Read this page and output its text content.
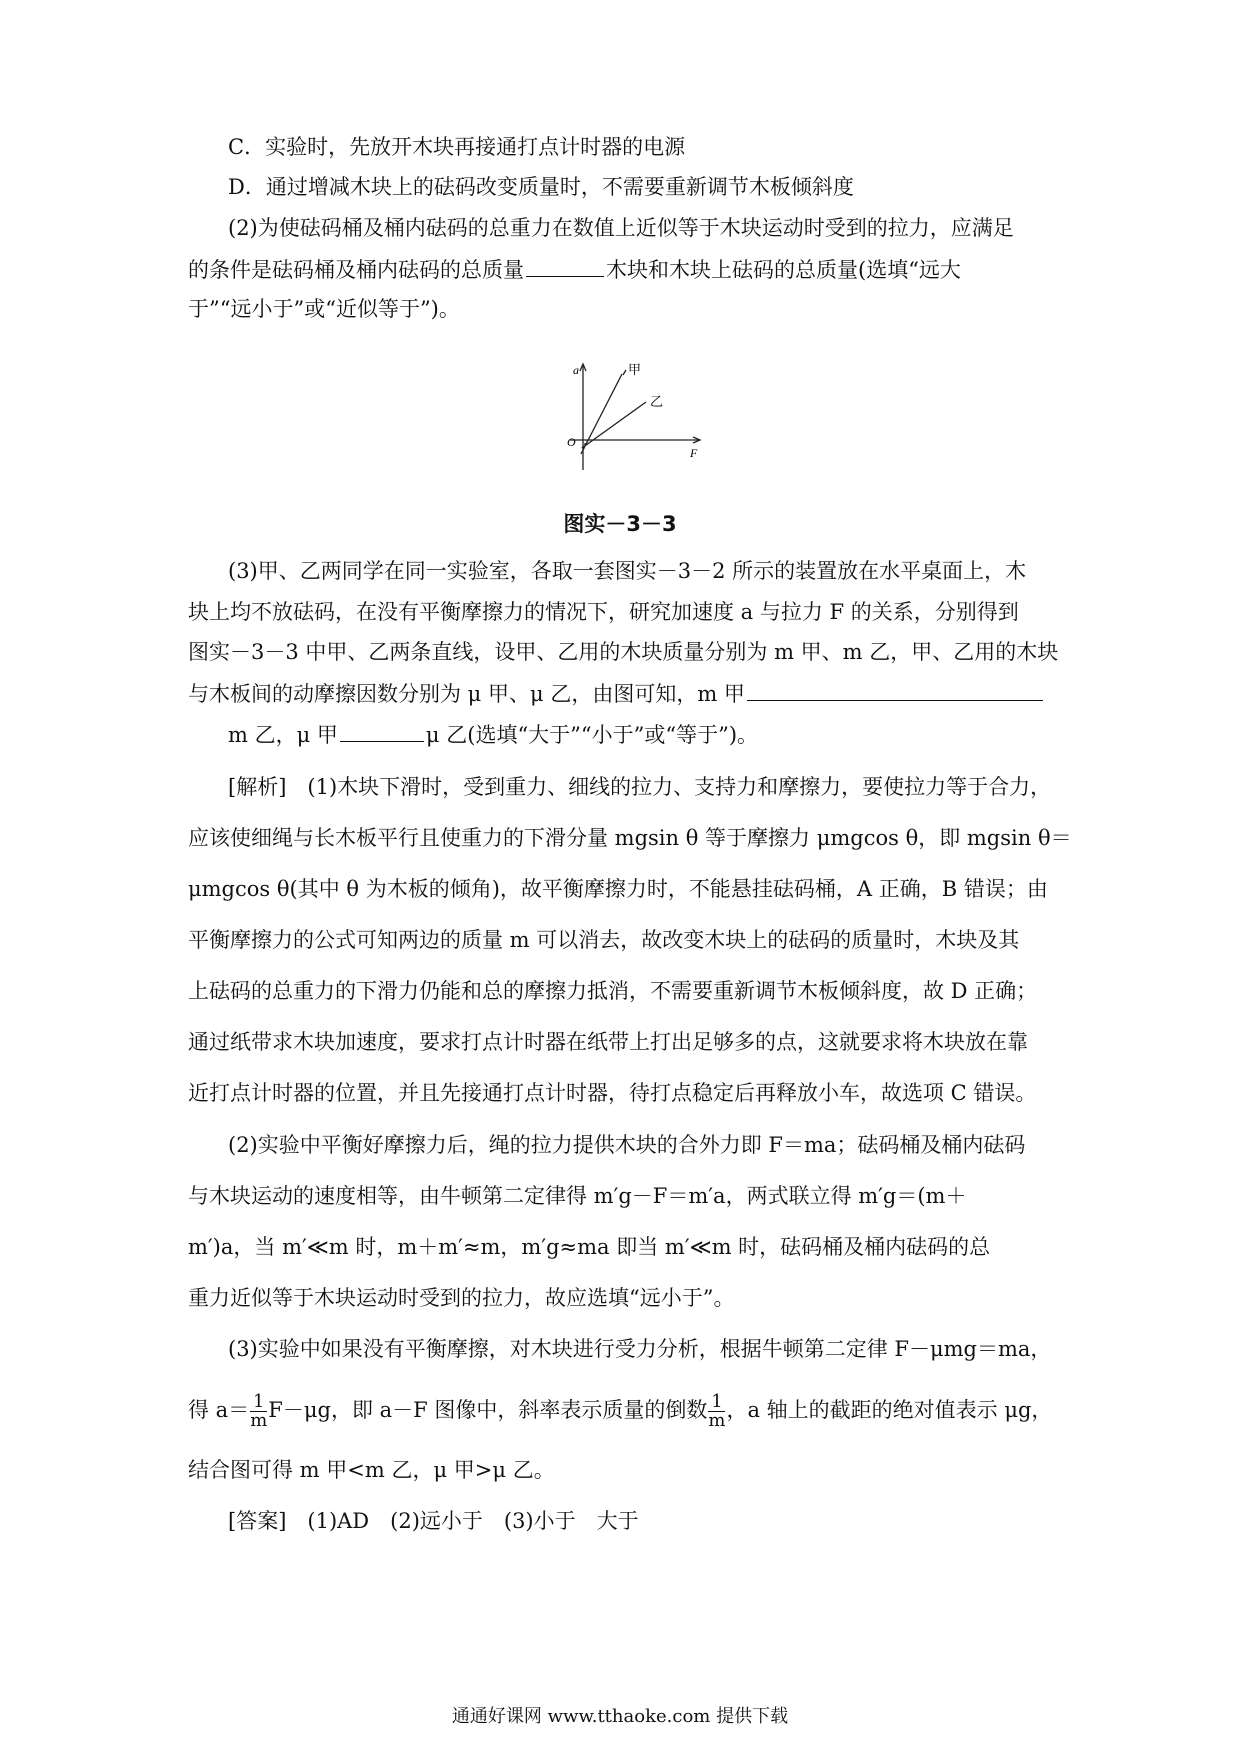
C．实验时，先放开木块再接通打点计时器的电源
D．通过增减木块上的砝码改变质量时，不需要重新调节木板倾斜度
(2)为使砝码桶及桶内砝码的总重力在数值上近似等于木块运动时受到的拉力，应满足
的条件是砝码桶及桶内砝码的总质量	木块和木块上砝码的总质量(选填“远大
于”“远小于”或“近似等于”)。
a	甲
乙
O
F
图实－3－3
(3)甲、乙两同学在同一实验室，各取一套图实－3－2 所示的装置放在水平桌面上，木
块上均不放砝码，在没有平衡摩擦力的情况下，研究加速度 a 与拉力 F 的关系，分别得到
图实－3－3 中甲、乙两条直线，设甲、乙用的木块质量分别为 m 甲、m 乙，甲、乙用的木块
与木板间的动摩擦因数分别为 μ 甲、μ 乙，由图可知，m 甲
m 乙，μ 甲	μ 乙(选填“大于”“小于”或“等于”)。
[解析]　(1)木块下滑时，受到重力、细线的拉力、支持力和摩擦力，要使拉力等于合力，
应该使细绳与长木板平行且使重力的下滑分量 mgsin θ 等于摩擦力 μmgcos θ，即 mgsin θ＝
μmgcos θ(其中 θ 为木板的倾角)，故平衡摩擦力时，不能悬挂砝码桶，A 正确，B 错误；由
平衡摩擦力的公式可知两边的质量 m 可以消去，故改变木块上的砝码的质量时，木块及其
上砝码的总重力的下滑力仍能和总的摩擦力抵消，不需要重新调节木板倾斜度，故 D 正确；
通过纸带求木块加速度，要求打点计时器在纸带上打出足够多的点，这就要求将木块放在靠
近打点计时器的位置，并且先接通打点计时器，待打点稳定后再释放小车，故选项 C 错误。
(2)实验中平衡好摩擦力后，绳的拉力提供木块的合外力即 F＝ma；砝码桶及桶内砝码
与木块运动的速度相等，由牛顿第二定律得 m′g－F＝m′a，两式联立得 m′g＝(m＋
m′)a，当 m′≪m 时，m＋m′≈m，m′g≈ma 即当 m′≪m 时，砝码桶及桶内砝码的总
重力近似等于木块运动时受到的拉力，故应选填“远小于”。
(3)实验中如果没有平衡摩擦，对木块进行受力分析，根据牛顿第二定律 F－μmg＝ma，
得 $a= \frac{1}{m} F-\mu g$，即 a－F 图像中，斜率表示质量的倒数 $\frac{1}{m}$ ，a 轴上的截距的绝对值表示 μg，
结合图可得 m 甲<m 乙，μ 甲>μ 乙。
[答案]　(1)AD　(2)远小于　(3)小于　大于
通通好课网 www.tthaoke.com 提供下载
